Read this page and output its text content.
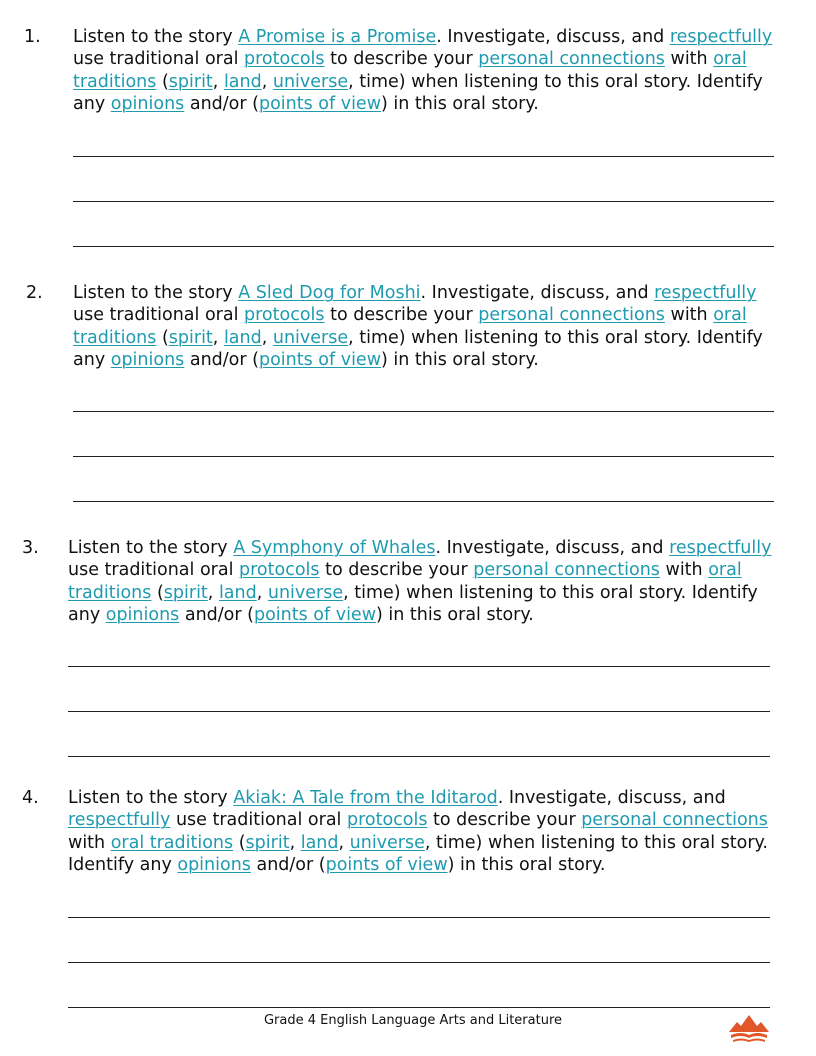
1. Listen to the story A Promise is a Promise. Investigate, discuss, and respectfully
use traditional oral protocols to describe your personal connections with oral
traditions (spirit, land, universe, time) when listening to this oral story. Identify
any opinions and/or (points of view) in this oral story.
2. Listen to the story A Sled Dog for Moshi. Investigate, discuss, and respectfully
use traditional oral protocols to describe your personal connections with oral
traditions (spirit, land, universe, time) when listening to this oral story. Identify
any opinions and/or (points of view) in this oral story.
3. Listen to the story A Symphony of Whales. Investigate, discuss, and respectfully
use traditional oral protocols to describe your personal connections with oral
traditions (spirit, land, universe, time) when listening to this oral story. Identify
any opinions and/or (points of view) in this oral story.
4. Listen to the story Akiak: A Tale from the Iditarod. Investigate, discuss, and
respectfully use traditional oral protocols to describe your personal connections
with oral traditions (spirit, land, universe, time) when listening to this oral story.
Identify any opinions and/or (points of view) in this oral story.
Grade 4 English Language Arts and Literature
